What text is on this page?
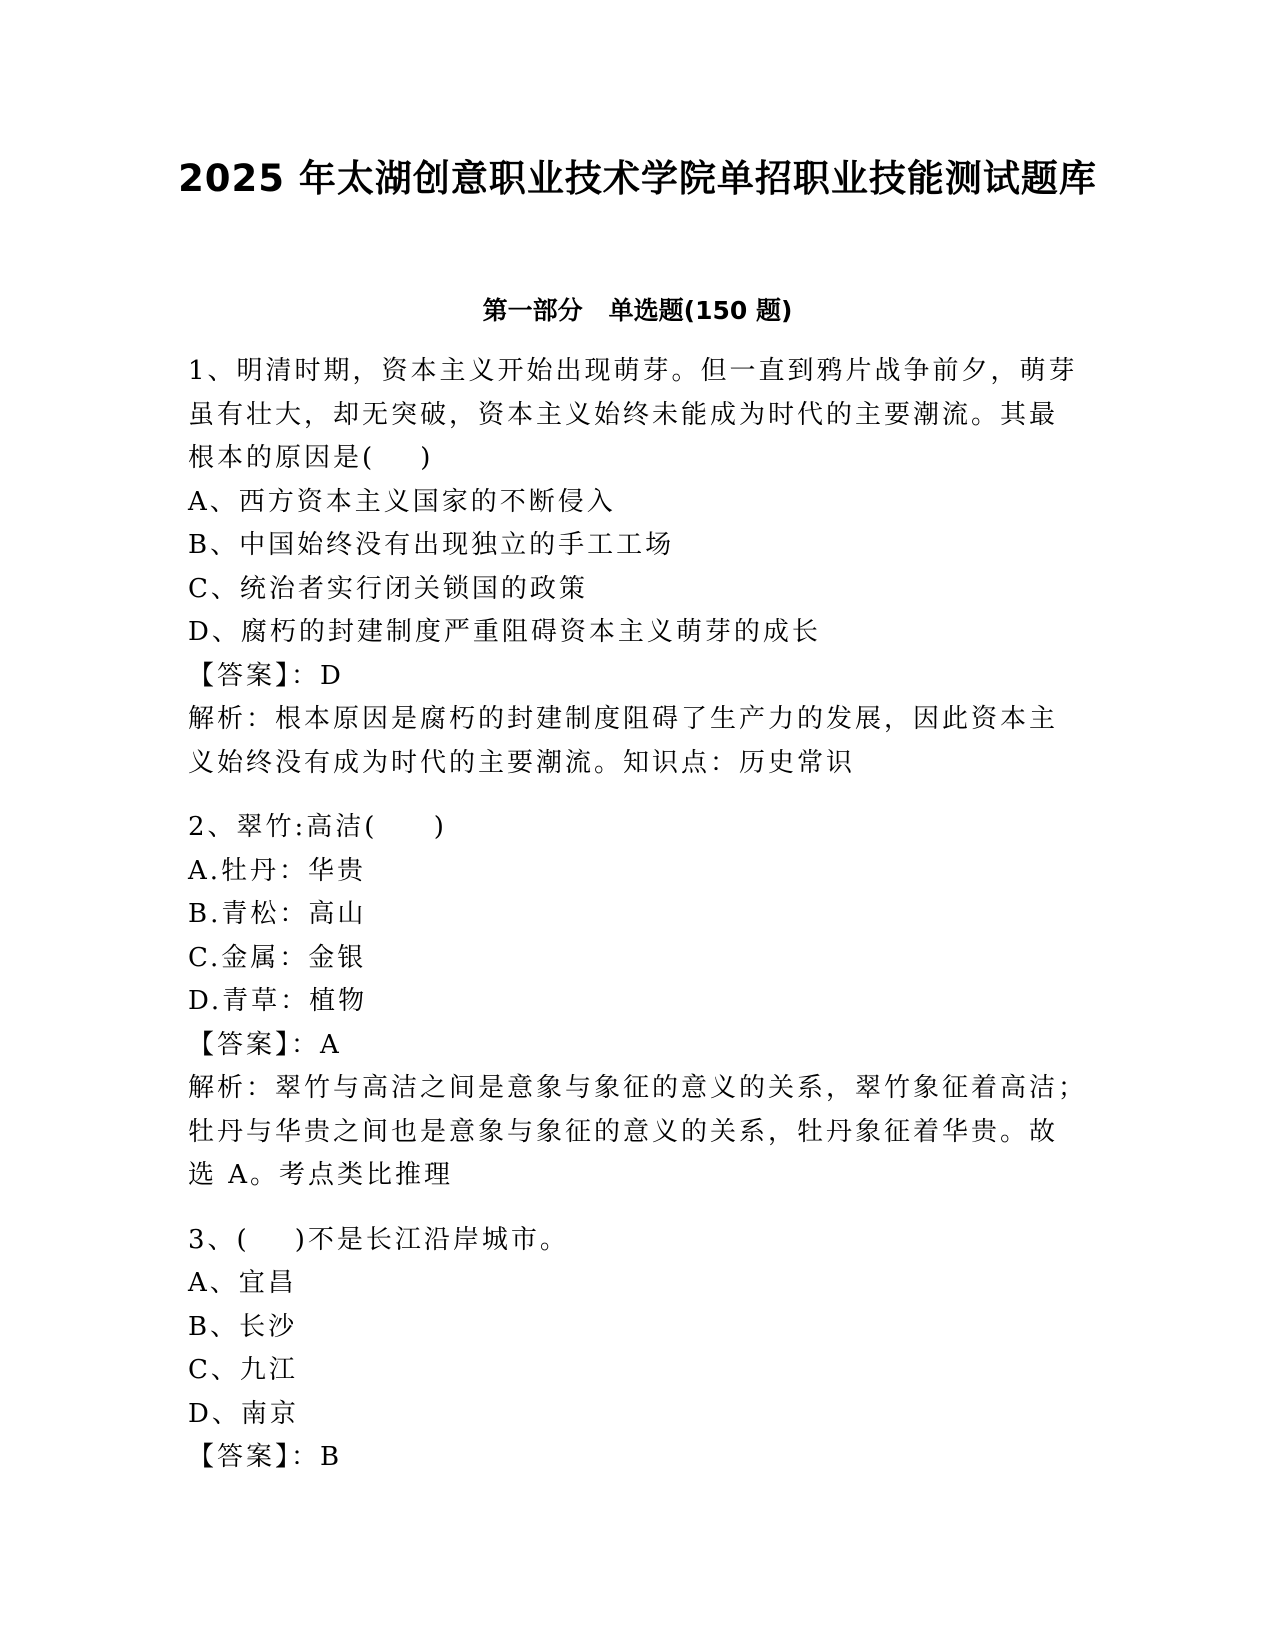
2025 年太湖创意职业技术学院单招职业技能测试题库
第一部分   单选题(150 题)
1、明清时期，资本主义开始出现萌芽。但一直到鸦片战争前夕，萌芽
虽有壮大，却无突破，资本主义始终未能成为时代的主要潮流。其最
根本的原因是(    )
A、西方资本主义国家的不断侵入
B、中国始终没有出现独立的手工工场
C、统治者实行闭关锁国的政策
D、腐朽的封建制度严重阻碍资本主义萌芽的成长
【答案】：D
解析：根本原因是腐朽的封建制度阻碍了生产力的发展，因此资本主
义始终没有成为时代的主要潮流。知识点：历史常识
2、翠竹:高洁(     )
A.牡丹：华贵
B.青松：高山
C.金属：金银
D.青草：植物
【答案】：A
解析：翠竹与高洁之间是意象与象征的意义的关系，翠竹象征着高洁；
牡丹与华贵之间也是意象与象征的意义的关系，牡丹象征着华贵。故
选 A。考点类比推理
3、(    )不是长江沿岸城市。
A、宜昌
B、长沙
C、九江
D、南京
【答案】：B
